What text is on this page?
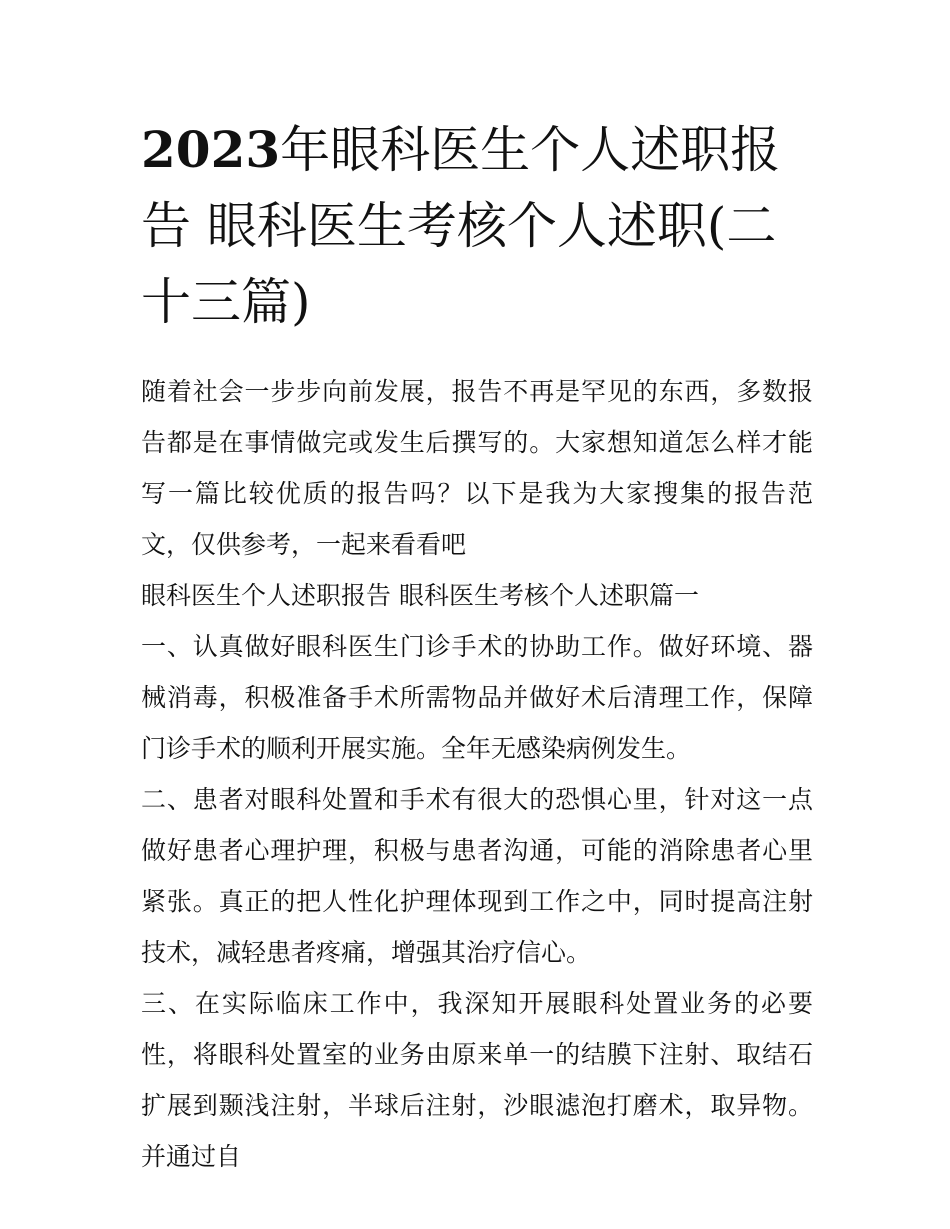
2023年眼科医生个人述职报告 眼科医生考核个人述职(二十三篇)

随着社会一步步向前发展，报告不再是罕见的东西，多数报告都是在事情做完或发生后撰写的。大家想知道怎么样才能写一篇比较优质的报告吗？以下是我为大家搜集的报告范文，仅供参考，一起来看看吧

眼科医生个人述职报告 眼科医生考核个人述职篇一

一、认真做好眼科医生门诊手术的协助工作。做好环境、器械消毒，积极准备手术所需物品并做好术后清理工作，保障门诊手术的顺利开展实施。全年无感染病例发生。

二、患者对眼科处置和手术有很大的恐惧心里，针对这一点做好患者心理护理，积极与患者沟通，可能的消除患者心里紧张。真正的把人性化护理体现到工作之中，同时提高注射技术，减轻患者疼痛，增强其治疗信心。

三、在实际临床工作中，我深知开展眼科处置业务的必要性，将眼科处置室的业务由原来单一的结膜下注射、取结石扩展到颞浅注射，半球后注射，沙眼滤泡打磨术，取异物。并通过自
